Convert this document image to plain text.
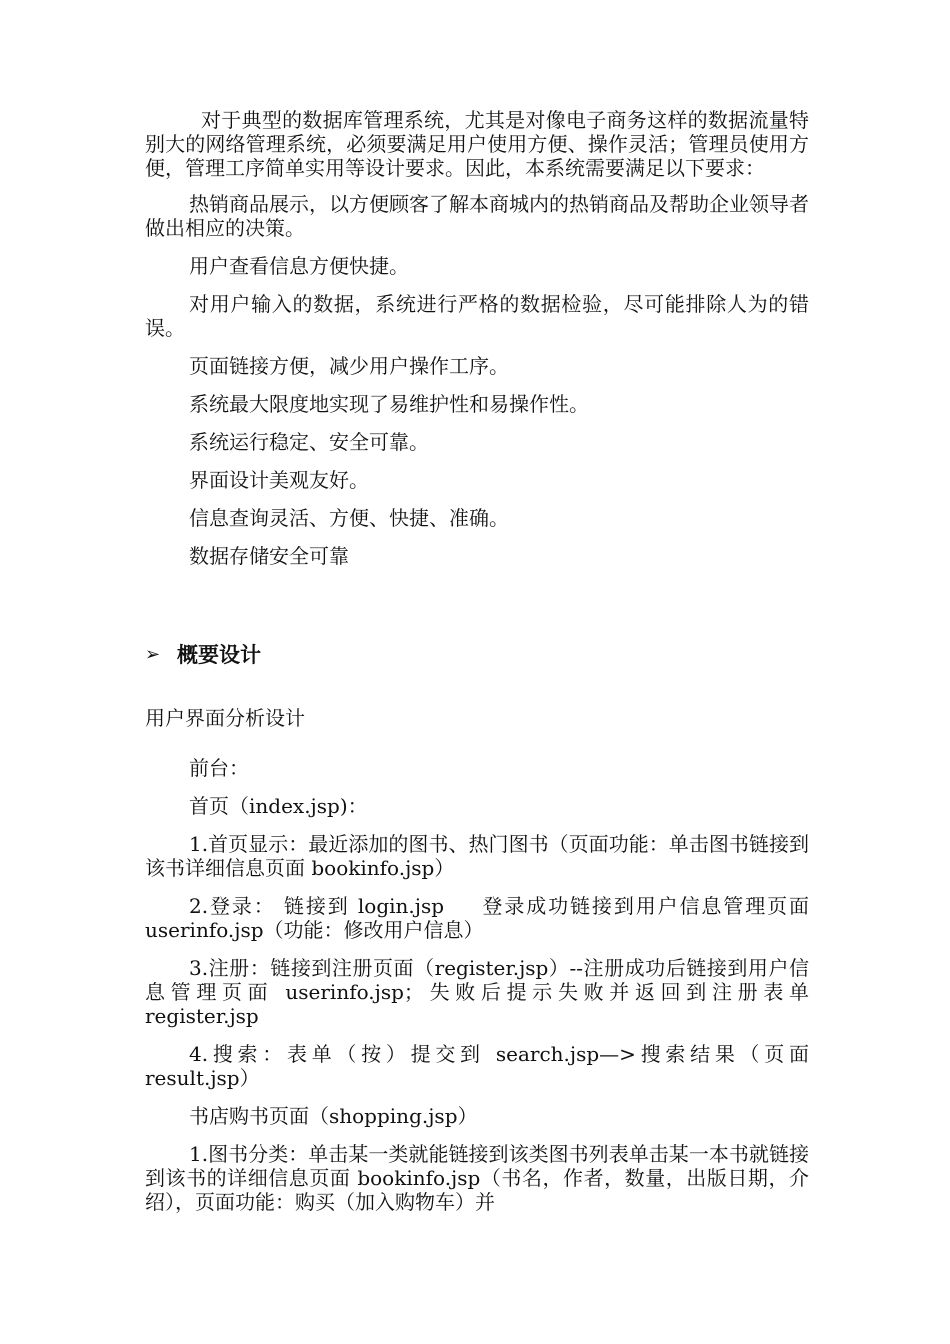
对于典型的数据库管理系统，尤其是对像电子商务这样的数据流量特别大的网络管理系统，必须要满足用户使用方便、操作灵活；管理员使用方便，管理工序简单实用等设计要求。因此，本系统需要满足以下要求：

热销商品展示，以方便顾客了解本商城内的热销商品及帮助企业领导者做出相应的决策。

用户查看信息方便快捷。

对用户输入的数据，系统进行严格的数据检验，尽可能排除人为的错误。

页面链接方便，减少用户操作工序。

系统最大限度地实现了易维护性和易操作性。

系统运行稳定、安全可靠。

界面设计美观友好。

信息查询灵活、方便、快捷、准确。

数据存储安全可靠

➢ 概要设计

用户界面分析设计

前台：

首页（index.jsp)：

1.首页显示：最近添加的图书、热门图书（页面功能：单击图书链接到该书详细信息页面 bookinfo.jsp）

2.登录： 链接到 login.jsp 　 登录成功链接到用户信息管理页面 userinfo.jsp（功能：修改用户信息）

3.注册：链接到注册页面（register.jsp）--注册成功后链接到用户信息管理页面 userinfo.jsp；失败后提示失败并返回到注册表单 register.jsp

4.搜索：表单（按）提交到 search.jsp—>搜索结果（页面 result.jsp）

书店购书页面（shopping.jsp）

1.图书分类：单击某一类就能链接到该类图书列表单击某一本书就链接到该书的详细信息页面 bookinfo.jsp（书名，作者，数量，出版日期，介绍），页面功能：购买（加入购物车）并
